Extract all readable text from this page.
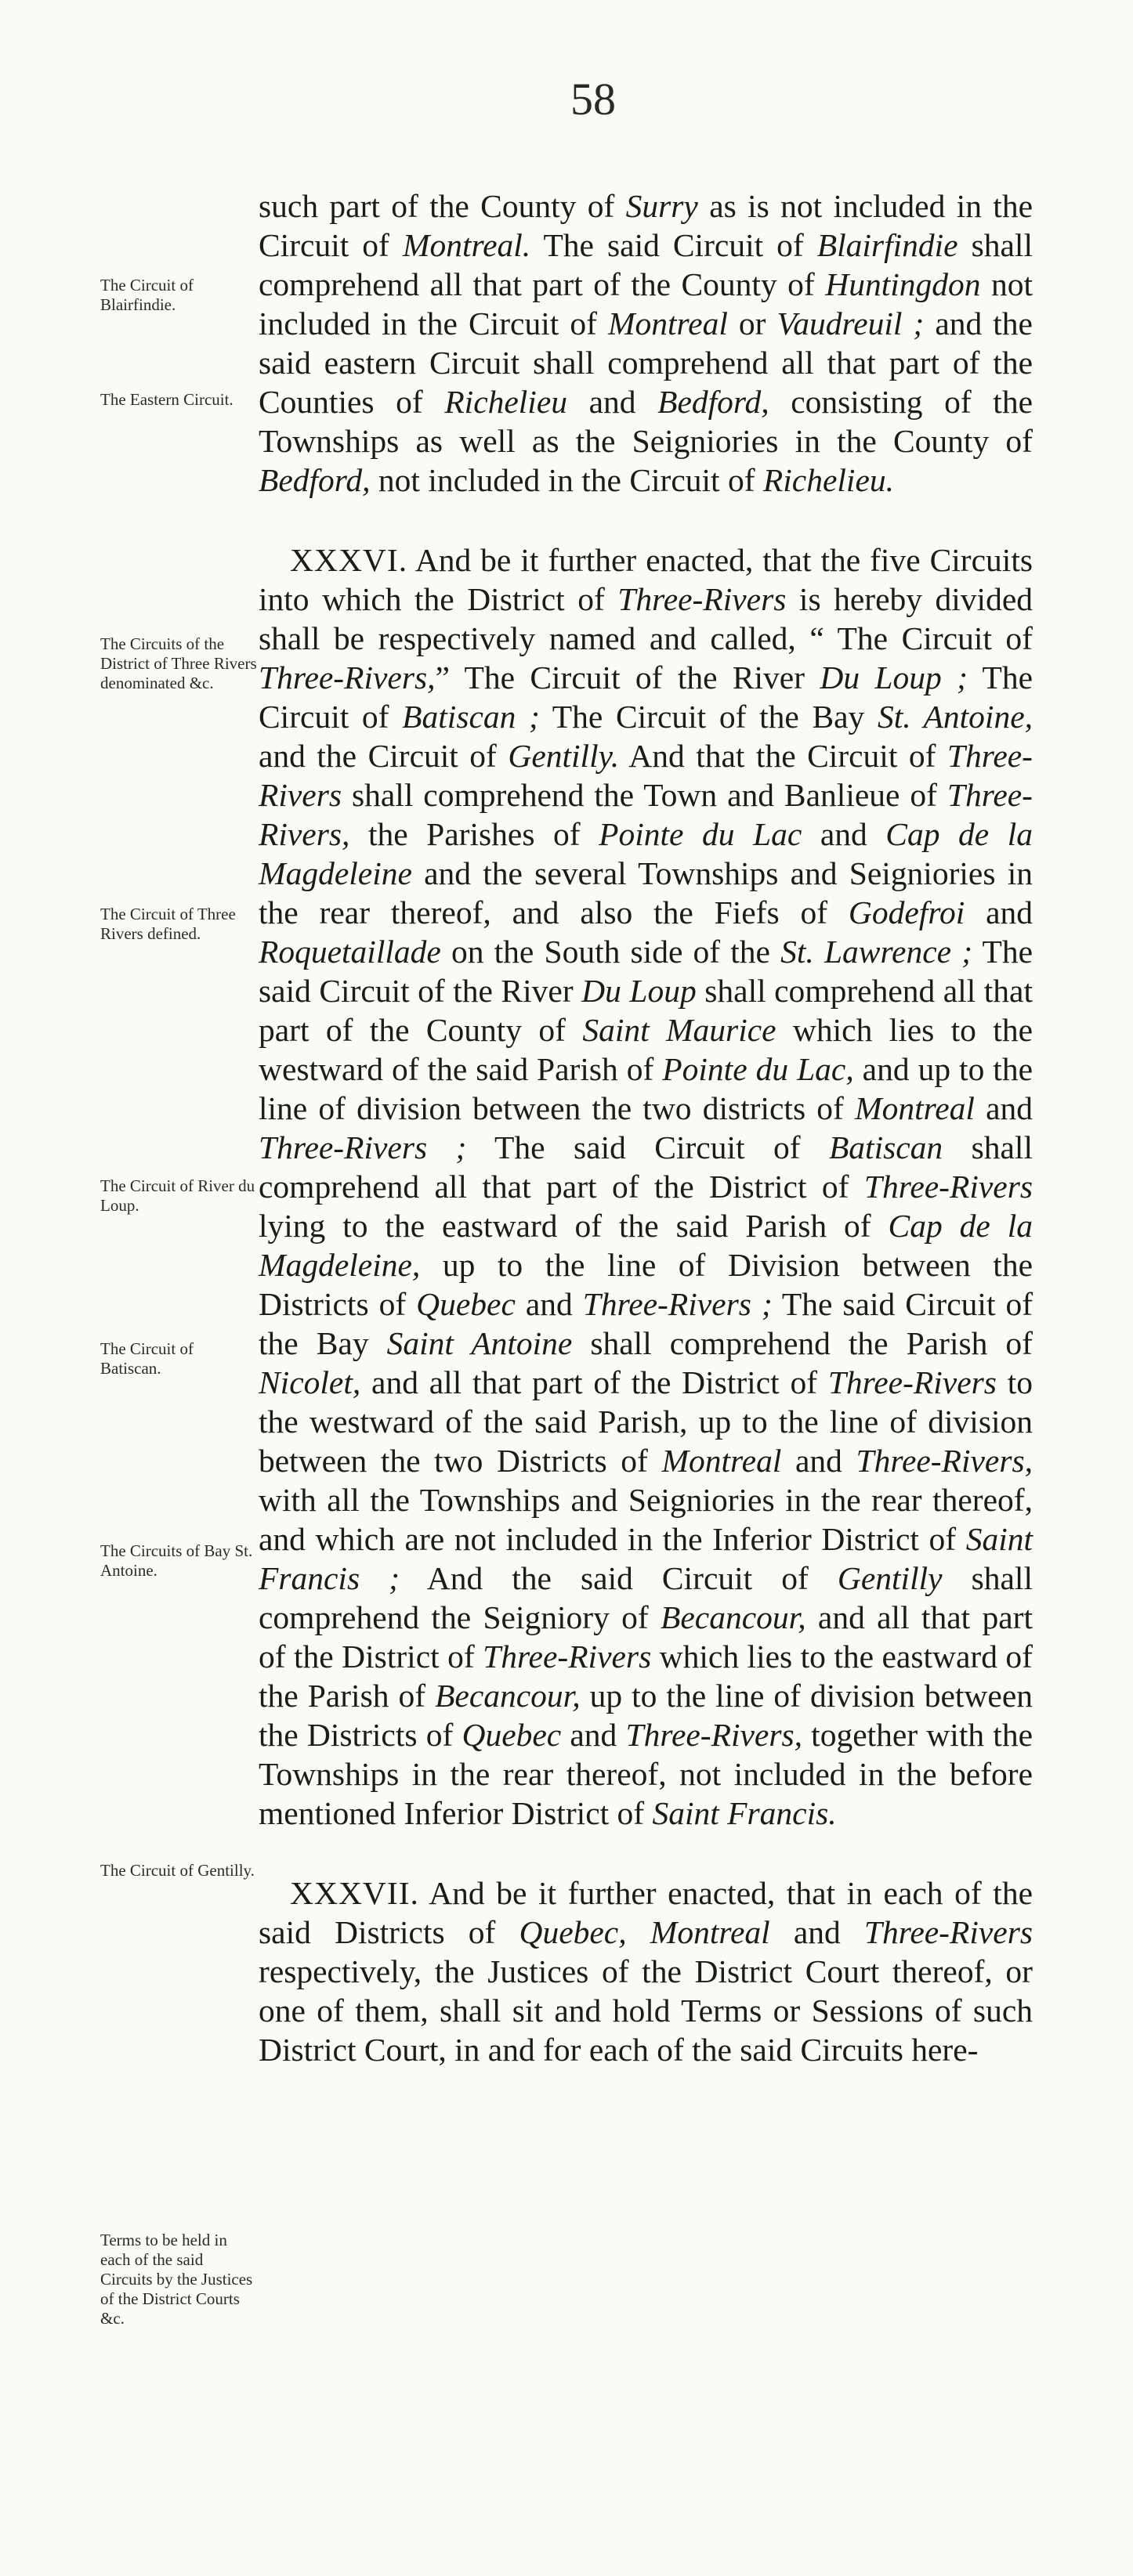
58
The Circuit of Blairfindie.
The Eastern Circuit.
The Circuits of the District of Three Rivers denominated &c.
The Circuit of Three Rivers defined.
The Circuit of River du Loup.
The Circuit of Batiscan.
The Circuits of Bay St. Antoine.
The Circuit of Gentilly.
Terms to be held in each of the said Circuits by the Justices of the District Courts &c.

such part of the County of Surry as is not included in the Circuit of Montreal. The said Circuit of Blairfindie shall comprehend all that part of the County of Huntingdon not included in the Circuit of Montreal or Vaudreuil ; and the said eastern Circuit shall comprehend all that part of the Counties of Richelieu and Bedford, consisting of the Townships as well as the Seigniories in the County of Bedford, not included in the Circuit of Richelieu.

XXXVI. And be it further enacted, that the five Circuits into which the District of Three-Rivers is hereby divided shall be respectively named and called, “ The Circuit of Three-Rivers,” The Circuit of the River Du Loup ; The Circuit of Batiscan ; The Circuit of the Bay St. Antoine, and the Circuit of Gentilly. And that the Circuit of Three-Rivers shall comprehend the Town and Banlieue of Three-Rivers, the Parishes of Pointe du Lac and Cap de la Magdeleine and the several Townships and Seigniories in the rear thereof, and also the Fiefs of Godefroi and Roquetaillade on the South side of the St. Lawrence ; The said Circuit of the River Du Loup shall comprehend all that part of the County of Saint Maurice which lies to the westward of the said Parish of Pointe du Lac, and up to the line of division between the two districts of Montreal and Three-Rivers ; The said Circuit of Batiscan shall comprehend all that part of the District of Three-Rivers lying to the eastward of the said Parish of Cap de la Magdeleine, up to the line of Division between the Districts of Quebec and Three-Rivers ; The said Circuit of the Bay Saint Antoine shall comprehend the Parish of Nicolet, and all that part of the District of Three-Rivers to the westward of the said Parish, up to the line of division between the two Districts of Montreal and Three-Rivers, with all the Townships and Seigniories in the rear thereof, and which are not included in the Inferior District of Saint Francis ; And the said Circuit of Gentilly shall comprehend the Seigniory of Becancour, and all that part of the District of Three-Rivers which lies to the eastward of the Parish of Becancour, up to the line of division between the Districts of Quebec and Three-Rivers, together with the Townships in the rear thereof, not included in the before mentioned Inferior District of Saint Francis.

XXXVII. And be it further enacted, that in each of the said Districts of Quebec, Montreal and Three-Rivers respectively, the Justices of the District Court thereof, or one of them, shall sit and hold Terms or Sessions of such District Court, in and for each of the said Circuits here-
